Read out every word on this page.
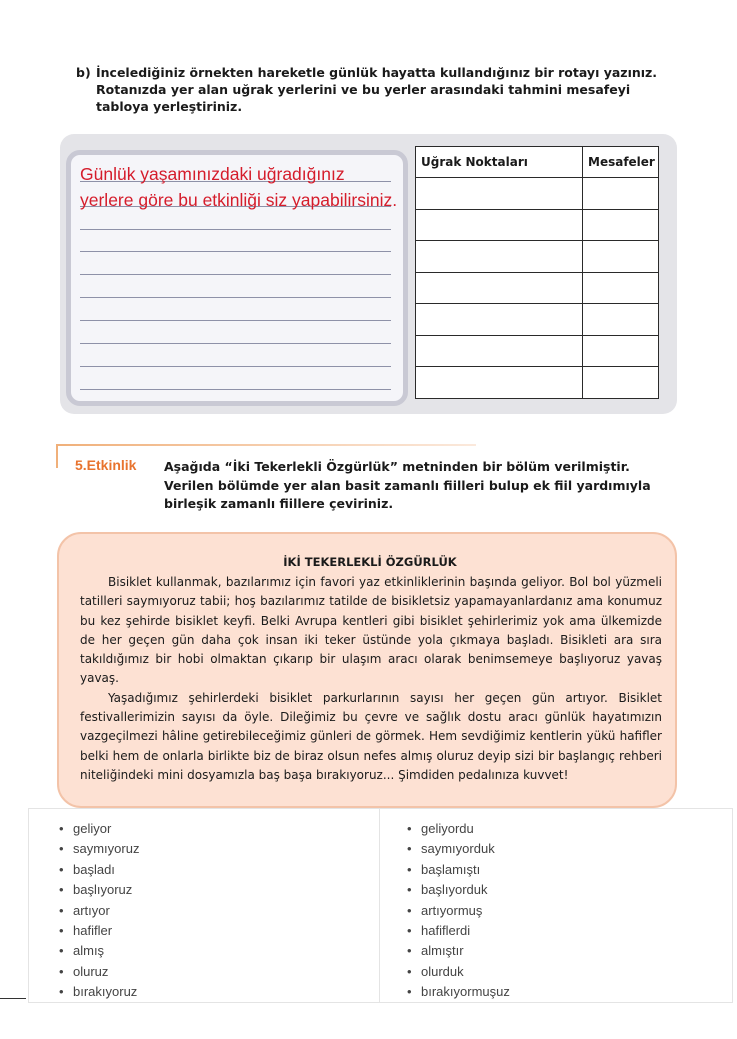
b) İncelediğiniz örnekten hareketle günlük hayatta kullandığınız bir rotayı yazınız. Rotanızda yer alan uğrak yerlerini ve bu yerler arasındaki tahmini mesafeyi tabloya yerleştiriniz.
Günlük yaşamınızdaki uğradığınız yerlere göre bu etkinliği siz yapabilirsiniz.
Uğrak Noktaları	Mesafeler

5.Etkinlik Aşağıda “İki Tekerlekli Özgürlük” metninden bir bölüm verilmiştir. Verilen bölümde yer alan basit zamanlı fiilleri bulup ek fiil yardımıyla birleşik zamanlı fiillere çeviriniz.
İKİ TEKERLEKLİ ÖZGÜRLÜK

Bisiklet kullanmak, bazılarımız için favori yaz etkinliklerinin başında geliyor. Bol bol yüzmeli tatilleri saymıyoruz tabii; hoş bazılarımız tatilde de bisikletsiz yapamayanlardanız ama konumuz bu kez şehirde bisiklet keyfi. Belki Avrupa kentleri gibi bisiklet şehirlerimiz yok ama ülkemizde de her geçen gün daha çok insan iki teker üstünde yola çıkmaya başladı. Bisikleti ara sıra takıldığımız bir hobi olmaktan çıkarıp bir ulaşım aracı olarak benimsemeye başlıyoruz yavaş yavaş.

Yaşadığımız şehirlerdeki bisiklet parkurlarının sayısı her geçen gün artıyor. Bisiklet festivallerimizin sayısı da öyle. Dileğimiz bu çevre ve sağlık dostu aracı günlük hayatımızın vazgeçilmezi hâline getirebileceğimiz günleri de görmek. Hem sevdiğimiz kentlerin yükü hafifler belki hem de onlarla birlikte biz de biraz olsun nefes almış oluruz deyip sizi bir başlangıç rehberi niteliğindeki mini dosyamızla baş başa bırakıyoruz... Şimdiden pedalınıza kuvvet!

• geliyor
• saymıyoruz
• başladı
• başlıyoruz
• artıyor
• hafifler
• almış
• oluruz
• bırakıyoruz
• geliyordu
• saymıyorduk
• başlamıştı
• başlıyorduk
• artıyormuş
• hafiflerdi
• almıştır
• olurduk
• bırakıyormuşuz
